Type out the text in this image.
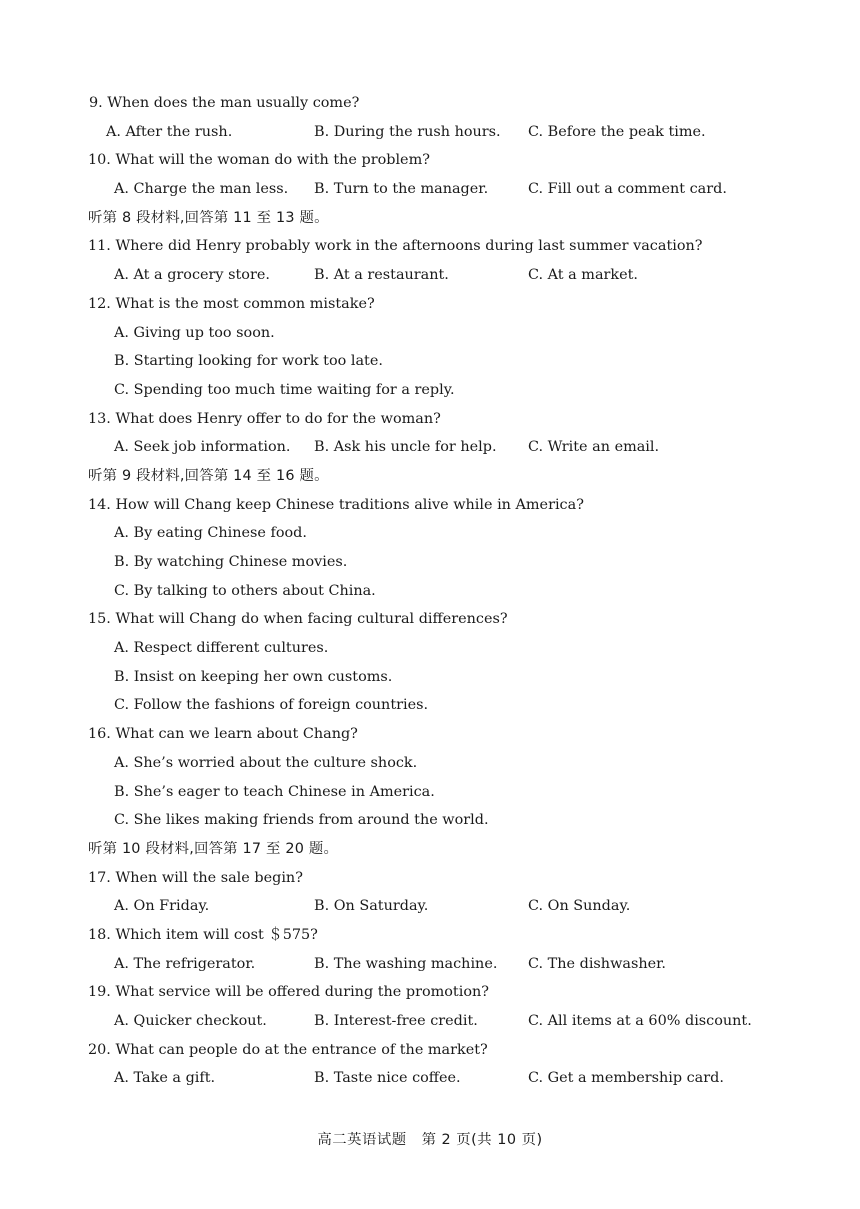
9. When does the man usually come?
A. After the rush.	B. During the rush hours. C. Before the peak time.
10. What will the woman do with the problem?
A. Charge the man less. B. Turn to the manager.	C. Fill out a comment card.
听第 8 段材料,回答第 11 至 13 题。
11. Where did Henry probably work in the afternoons during last summer vacation?
A. At a grocery store.	B. At a restaurant.	C. At a market.
12. What is the most common mistake?
A. Giving up too soon.
B. Starting looking for work too late.
C. Spending too much time waiting for a reply.
13. What does Henry offer to do for the woman?
A. Seek job information. B. Ask his uncle for help. C. Write an email.
听第 9 段材料,回答第 14 至 16 题。
14. How will Chang keep Chinese traditions alive while in America?
A. By eating Chinese food.
B. By watching Chinese movies.
C. By talking to others about China.
15. What will Chang do when facing cultural differences?
A. Respect different cultures.
B. Insist on keeping her own customs.
C. Follow the fashions of foreign countries.
16. What can we learn about Chang?
A. She’s worried about the culture shock.
B. She’s eager to teach Chinese in America.
C. She likes making friends from around the world.
听第 10 段材料,回答第 17 至 20 题。
17. When will the sale begin?
A. On Friday.	B. On Saturday.	C. On Sunday.
18. Which item will cost ＄575?
A. The refrigerator.	B. The washing machine. C. The dishwasher.
19. What service will be offered during the promotion?
A. Quicker checkout.	B. Interest-free credit.	C. All items at a 60% discount.
20. What can people do at the entrance of the market?
A. Take a gift.	B. Taste nice coffee.	C. Get a membership card.
高二英语试题　第 2 页(共 10 页)
